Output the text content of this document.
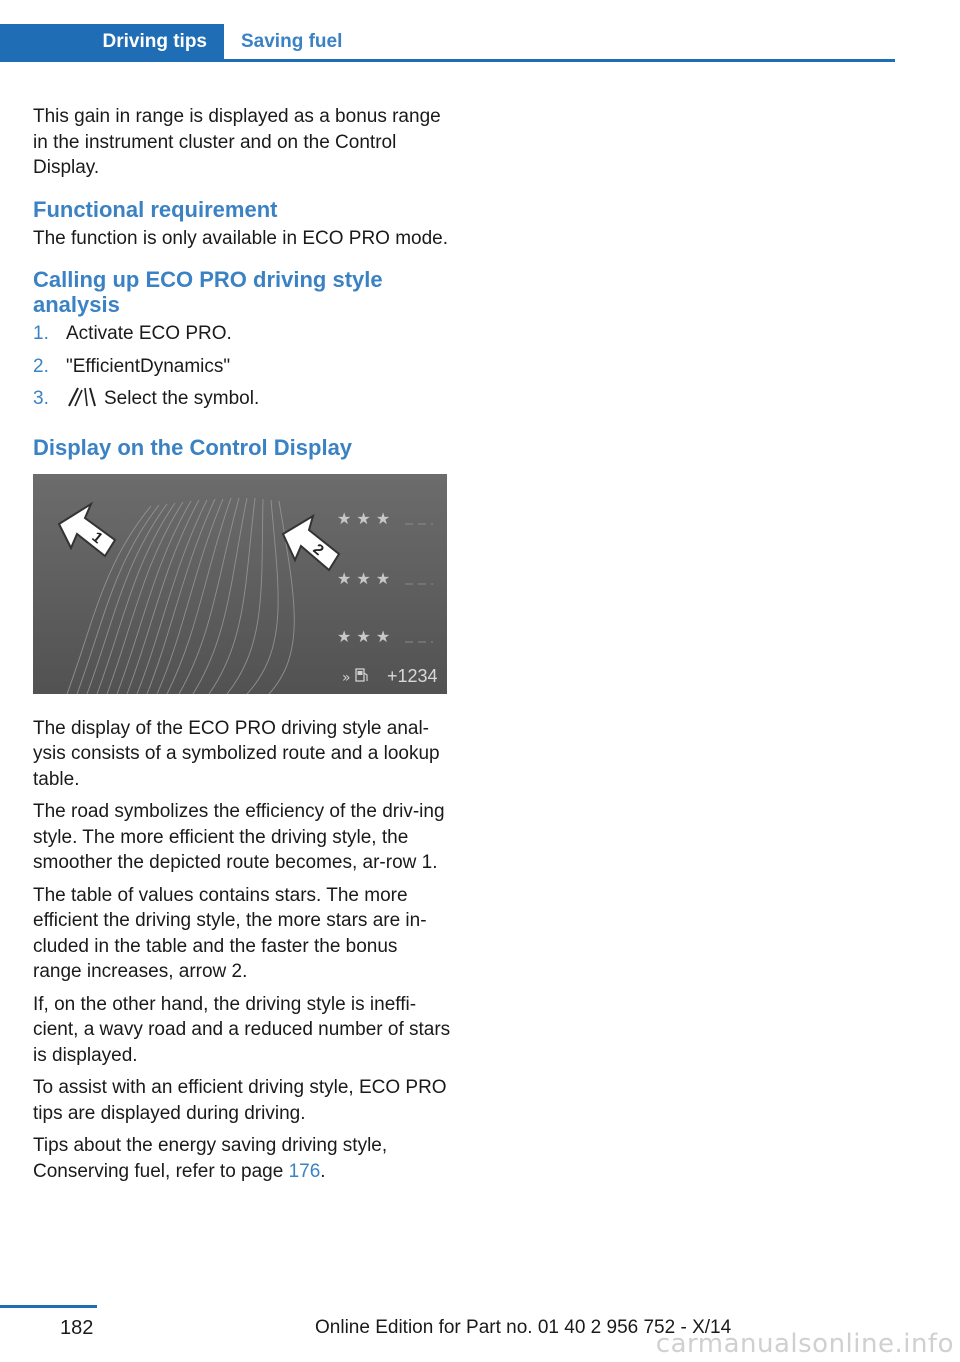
Driving tips	Saving fuel

This gain in range is displayed as a bonus range in the instrument cluster and on the Control Display.

Functional requirement

The function is only available in ECO PRO mode.

Calling up ECO PRO driving style analysis
1. Activate ECO PRO.
2. "EfficientDynamics"
3.	Select the symbol.
Display on the Control Display
1
2
★ ★ ★
★ ★ ★
★ ★ ★
» +1234

The display of the ECO PRO driving style anal‐ysis consists of a symbolized route and a lookup table.

The road symbolizes the efficiency of the driv‐ing style. The more efficient the driving style, the smoother the depicted route becomes, ar‐row 1.

The table of values contains stars. The more efficient the driving style, the more stars are in‐cluded in the table and the faster the bonus range increases, arrow 2.

If, on the other hand, the driving style is ineffi‐cient, a wavy road and a reduced number of stars is displayed.

To assist with an efficient driving style, ECO PRO tips are displayed during driving.

Tips about the energy saving driving style, Conserving fuel, refer to page 176.

182	Online Edition for Part no. 01 40 2 956 752 - X/14
carmanualsonline.info
